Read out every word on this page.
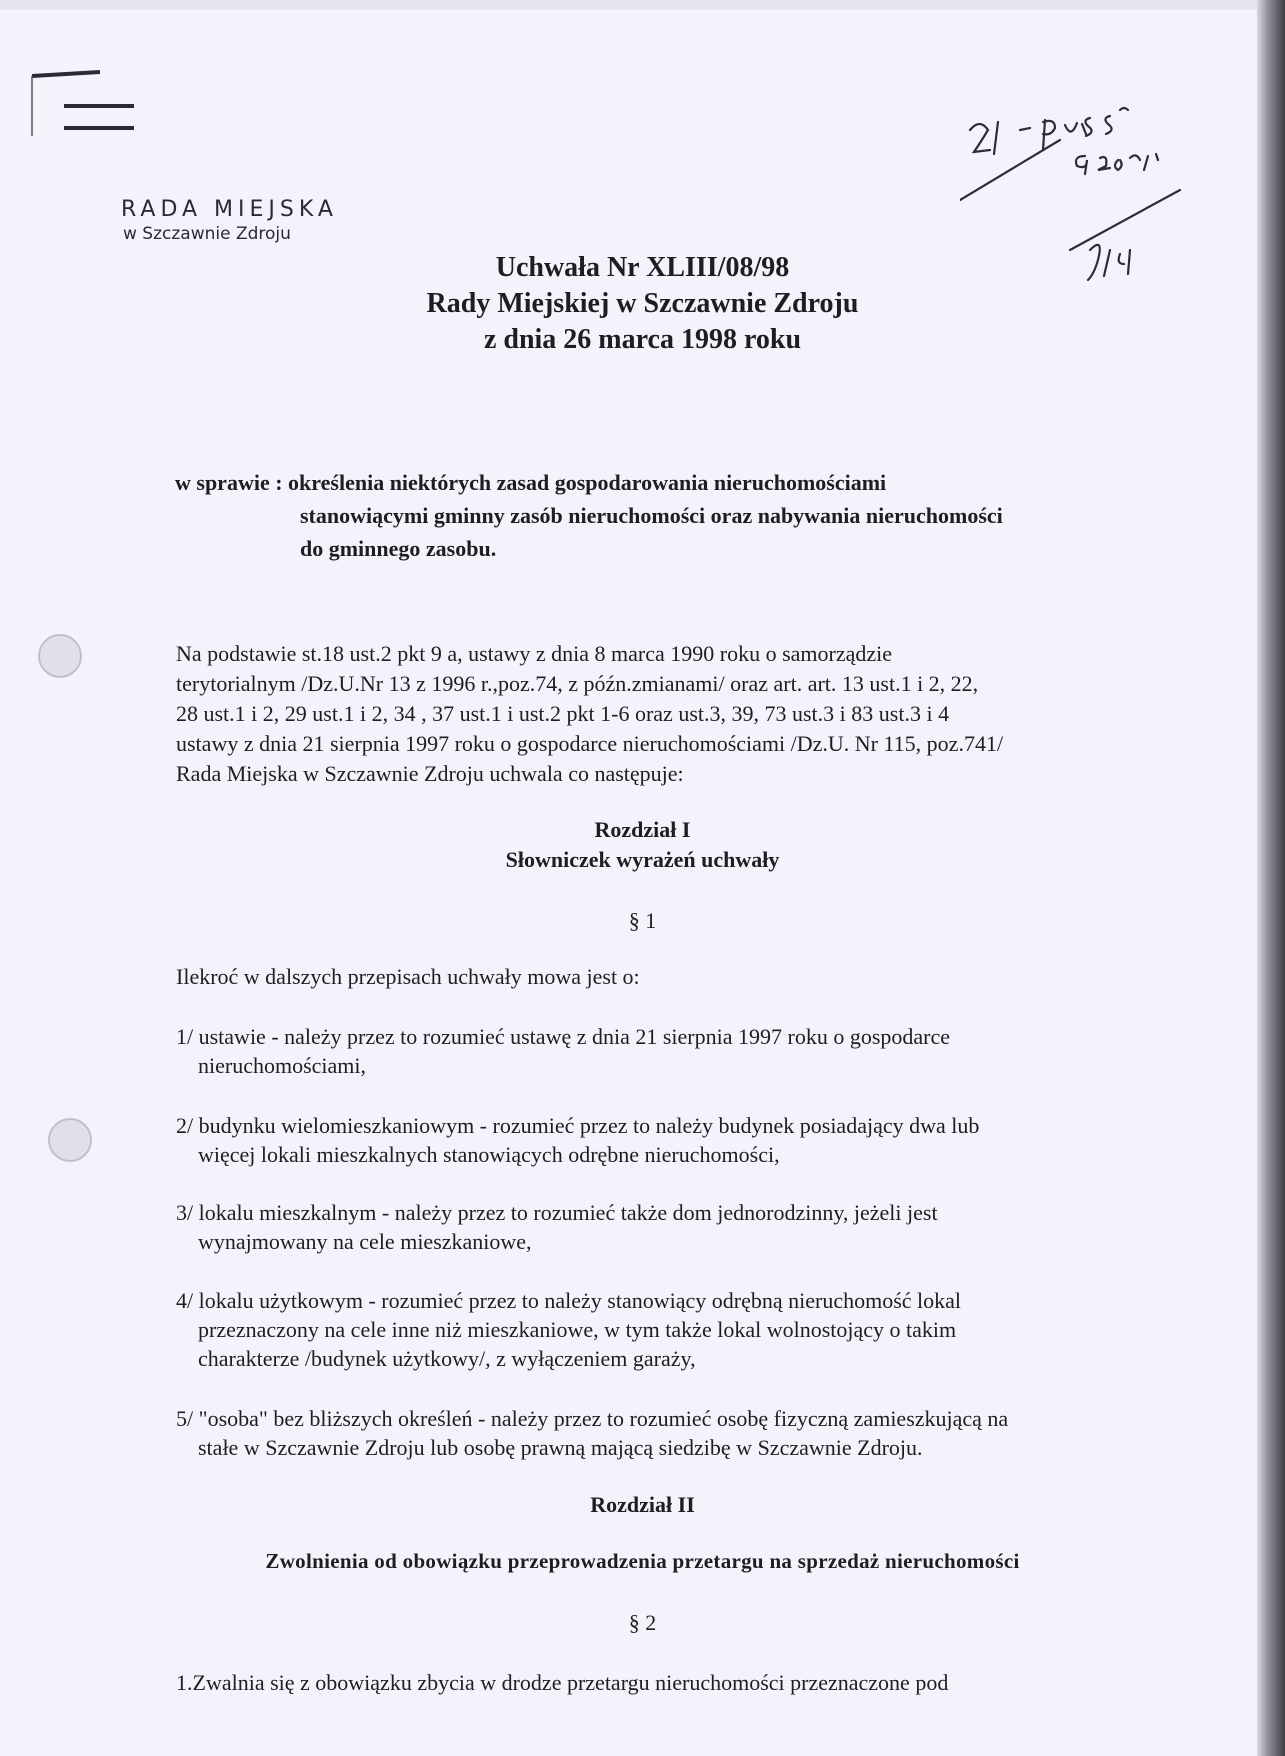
RADA MIEJSKA
w Szczawnie Zdroju
Uchwała Nr XLIII/08/98
Rady Miejskiej w Szczawnie Zdroju
z dnia 26 marca 1998 roku
w sprawie : określenia niektórych zasad gospodarowania nieruchomościami
stanowiącymi gminny zasób nieruchomości oraz nabywania nieruchomości
do gminnego zasobu.
Na podstawie st.18 ust.2 pkt 9 a, ustawy z dnia 8 marca 1990 roku o samorządzie
terytorialnym /Dz.U.Nr 13 z 1996 r.,poz.74, z późn.zmianami/ oraz art. art. 13 ust.1 i 2, 22,
28 ust.1 i 2, 29 ust.1 i 2, 34 , 37 ust.1 i ust.2 pkt 1-6 oraz ust.3, 39, 73 ust.3 i 83 ust.3 i 4
ustawy z dnia 21 sierpnia 1997 roku o gospodarce nieruchomościami /Dz.U. Nr 115, poz.741/
Rada Miejska w Szczawnie Zdroju uchwala co następuje:
Rozdział I
Słowniczek wyrażeń uchwały
§ 1
Ilekroć w dalszych przepisach uchwały mowa jest o:
1/ ustawie - należy przez to rozumieć ustawę z dnia 21 sierpnia 1997 roku o gospodarce
nieruchomościami,
2/ budynku wielomieszkaniowym - rozumieć przez to należy budynek posiadający dwa lub
więcej lokali mieszkalnych stanowiących odrębne nieruchomości,
3/ lokalu mieszkalnym - należy przez to rozumieć także dom jednorodzinny, jeżeli jest
wynajmowany na cele mieszkaniowe,
4/ lokalu użytkowym - rozumieć przez to należy stanowiący odrębną nieruchomość lokal
przeznaczony na cele inne niż mieszkaniowe, w tym także lokal wolnostojący o takim
charakterze /budynek użytkowy/, z wyłączeniem garaży,
5/ "osoba" bez bliższych określeń - należy przez to rozumieć osobę fizyczną zamieszkującą na
stałe w Szczawnie Zdroju lub osobę prawną mającą siedzibę w Szczawnie Zdroju.
Rozdział II
Zwolnienia od obowiązku przeprowadzenia przetargu na sprzedaż nieruchomości
§ 2
1.Zwalnia się z obowiązku zbycia w drodze przetargu nieruchomości przeznaczone pod
